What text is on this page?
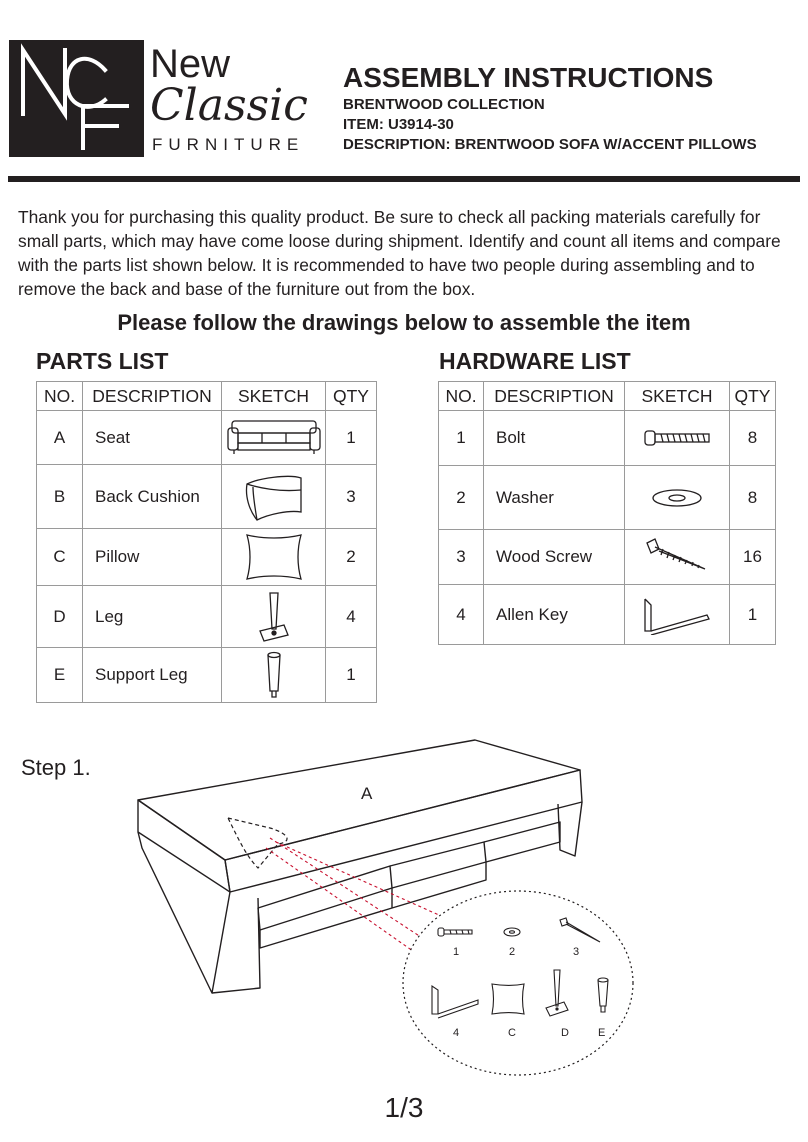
New
Classic
FURNITURE
ASSEMBLY INSTRUCTIONS
BRENTWOOD COLLECTION
ITEM: U3914-30
DESCRIPTION: BRENTWOOD SOFA W/ACCENT PILLOWS
Thank you for purchasing this quality product. Be sure to check all packing materials carefully for small parts, which may have come loose during shipment. Identify and count all items and compare with the parts list shown below. It is recommended to have two people during assembling and to remove the back and base of the furniture out from the box.
Please follow the drawings below to assemble the item
PARTS LIST
NO.	DESCRIPTION	SKETCH	QTY
A	Seat		1
B	Back Cushion		3
C	Pillow		2
D	Leg		4
E	Support Leg		1
HARDWARE LIST
NO.	DESCRIPTION	SKETCH	QTY
1	Bolt		8
2	Washer		8
3	Wood Screw		16
4	Allen Key		1
Step 1.
A
1	2	3
4	C	D	E
1/3
